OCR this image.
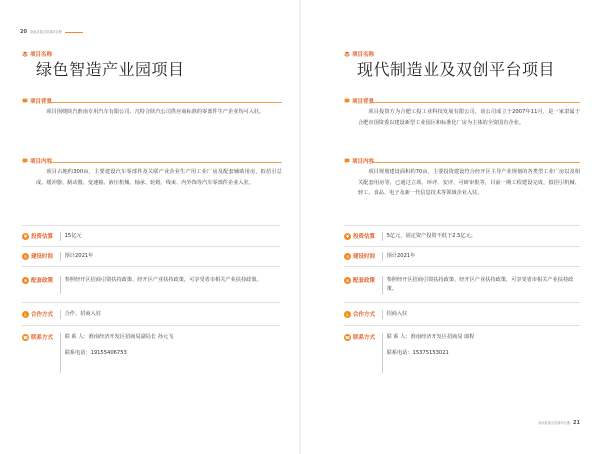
20 洛南县重点招商项目册
项目名称
绿色智造产业园项目
项目背景
项目围绕陕汽淮南专用汽车有限公司、凡特合陕汽公司供应商标准的零部件生产企业均可入驻。
项目内容
项目占地约300亩，主要建设汽车零部件及关联产业企业生产用工业厂房及配套辅助用房，拟招引总成、缓冲器、制动器、变速箱、液压机械、轴承、轮毂、线束、内外饰等汽车零部件企业入驻。
¥ 投资估算 15亿元
◷ 建设时间 预计2021年
≡ 配套政策 参照经开区招商引资扶持政策、经开区产业扶持政策，可享受省市相关产业扶持政策。
✋ 合作方式 合作、招商入驻
☎ 联系方式 联 系 人：淮南经济开发区招商局副局长 孙元飞
联系电话：19155406753
项目名称
现代制造业及双创平台项目
项目背景
项目投资方为合肥工投工业科技发展有限公司，该公司成立于2007年11月，是一家隶属于合肥市国资委以建设新型工业园区和标准化厂房为主体的全资国有企业。
项目内容
项目规划建设面积约70亩，主要投资建设符合经开区主导产业规划的各类型工业厂房以及相关配套用房等，已通过立项、环评、安评、可研审批等，目前一期工程建设完成，拟招引机械、轻工、食品、电子及新一代信息技术等领域企业入驻。
¥ 投资估算 5亿元，固定资产投资不低于2.5亿元。
◷ 建设时间 预计2021年
≡ 配套政策 参照经开区招商引资扶持政策、经开区产业扶持政策，可享受省市相关产业扶持政策。
✋ 合作方式 招商入驻
☎ 联系方式 联 系 人：淮南经济开发区招商局 郎程
联系电话：15375153021
洛南县重点招商项目册 21
